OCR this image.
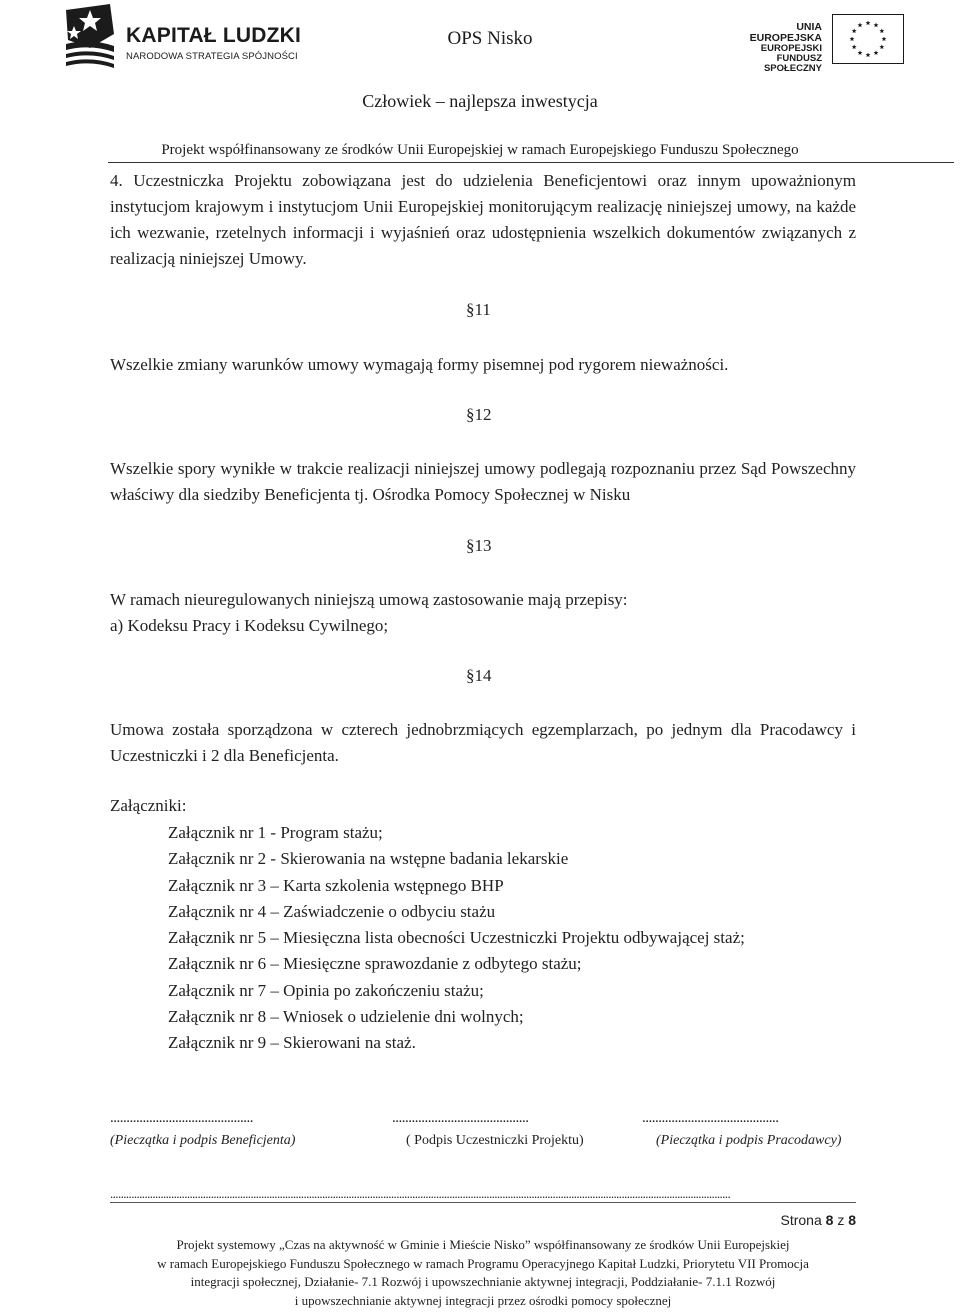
KAPITAŁ LUDZKI
NARODOWA STRATEGIA SPÓJNOŚCI
OPS Nisko
UNIA EUROPEJSKA
EUROPEJSKI
FUNDUSZ SPOŁECZNY
Człowiek – najlepsza inwestycja
Projekt współfinansowany ze środków Unii Europejskiej w ramach Europejskiego Funduszu Społecznego
4. Uczestniczka Projektu zobowiązana jest do udzielenia Beneficjentowi oraz innym upoważnionym instytucjom krajowym i instytucjom Unii Europejskiej monitorującym realizację niniejszej umowy, na każde ich wezwanie, rzetelnych informacji i wyjaśnień oraz udostępnienia wszelkich dokumentów związanych z realizacją niniejszej Umowy.
§11
Wszelkie zmiany warunków umowy wymagają formy pisemnej pod rygorem nieważności.
§12
Wszelkie spory wynikłe w trakcie realizacji niniejszej umowy podlegają rozpoznaniu przez Sąd Powszechny właściwy dla siedziby Beneficjenta tj. Ośrodka Pomocy Społecznej w Nisku
§13
W ramach nieuregulowanych niniejszą umową zastosowanie mają przepisy:
a) Kodeksu Pracy i Kodeksu Cywilnego;
§14
Umowa została sporządzona w czterech jednobrzmiących egzemplarzach, po jednym dla Pracodawcy i Uczestniczki i 2 dla Beneficjenta.
Załączniki:
Załącznik nr 1 - Program stażu;
Załącznik nr 2 - Skierowania na wstępne badania lekarskie
Załącznik nr 3 – Karta szkolenia wstępnego BHP
Załącznik nr 4 – Zaświadczenie o odbyciu stażu
Załącznik nr 5 – Miesięczna lista obecności Uczestniczki Projektu odbywającej staż;
Załącznik nr 6 – Miesięczne sprawozdanie z odbytego stażu;
Załącznik nr 7 – Opinia po zakończeniu stażu;
Załącznik nr 8 – Wniosek o udzielenie dni wolnych;
Załącznik nr 9 – Skierowani na staż.
............................................	..........................................	..........................................
(Pieczątka i podpis Beneficjenta)	( Podpis Uczestniczki Projektu)	(Pieczątka i podpis Pracodawcy)
..........................................................................................................................................................................................................................................
Strona 8 z 8
Projekt systemowy „Czas na aktywność w Gminie i Mieście Nisko” współfinansowany ze środków Unii Europejskiej
w ramach Europejskiego Funduszu Społecznego w ramach Programu Operacyjnego Kapitał Ludzki, Priorytetu VII Promocja
integracji społecznej, Działanie- 7.1 Rozwój i upowszechnianie aktywnej integracji, Poddziałanie- 7.1.1 Rozwój
i upowszechnianie aktywnej integracji przez ośrodki pomocy społecznej
